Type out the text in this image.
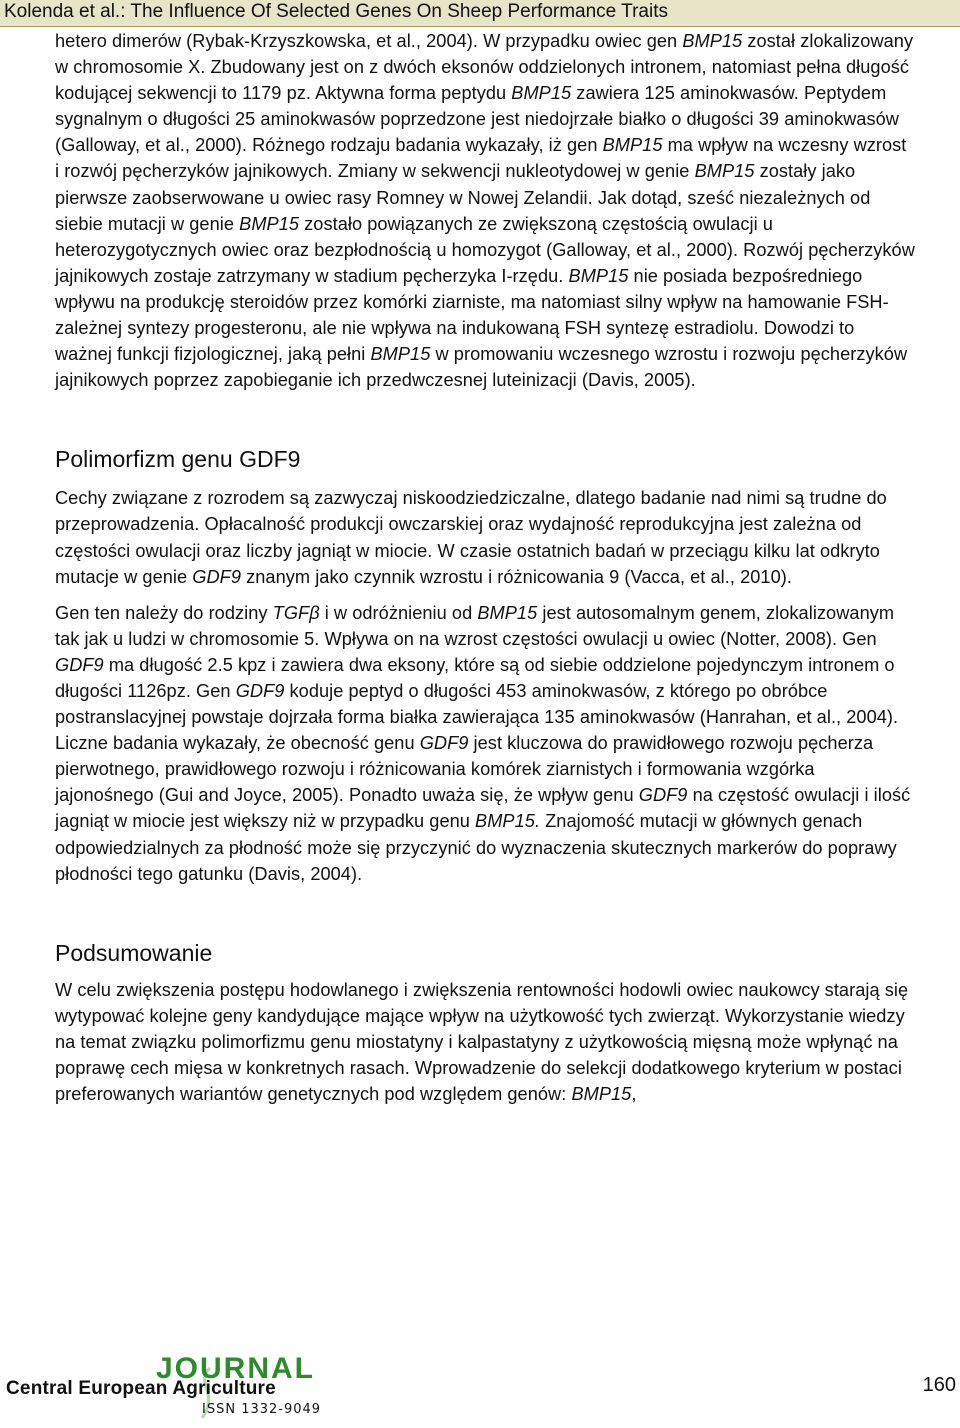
Kolenda et al.: The Influence Of Selected Genes On Sheep Performance Traits

hetero dimerów (Rybak-Krzyszkowska, et al., 2004). W przypadku owiec gen BMP15 został zlokalizowany w chromosomie X. Zbudowany jest on z dwóch eksonów oddzielonych intronem, natomiast pełna długość kodującej sekwencji to 1179 pz. Aktywna forma peptydu BMP15 zawiera 125 aminokwasów. Peptydem sygnalnym o długości 25 aminokwasów poprzedzone jest niedojrzałe białko o długości 39 aminokwasów (Galloway, et al., 2000). Różnego rodzaju badania wykazały, iż gen BMP15 ma wpływ na wczesny wzrost i rozwój pęcherzyków jajnikowych. Zmiany w sekwencji nukleotydowej w genie BMP15 zostały jako pierwsze zaobserwowane u owiec rasy Romney w Nowej Zelandii. Jak dotąd, sześć niezależnych od siebie mutacji w genie BMP15 zostało powiązanych ze zwiększoną częstością owulacji u heterozygotycznych owiec oraz bezpłodnością u homozygot (Galloway, et al., 2000). Rozwój pęcherzyków jajnikowych zostaje zatrzymany w stadium pęcherzyka I-rzędu. BMP15 nie posiada bezpośredniego wpływu na produkcję steroidów przez komórki ziarniste, ma natomiast silny wpływ na hamowanie FSH-zależnej syntezy progesteronu, ale nie wpływa na indukowaną FSH syntezę estradiolu. Dowodzi to ważnej funkcji fizjologicznej, jaką pełni BMP15 w promowaniu wczesnego wzrostu i rozwoju pęcherzyków jajnikowych poprzez zapobieganie ich przedwczesnej luteinizacji (Davis, 2005).

Polimorfizm genu GDF9

Cechy związane z rozrodem są zazwyczaj niskoodziedziczalne, dlatego badanie nad nimi są trudne do przeprowadzenia. Opłacalność produkcji owczarskiej oraz wydajność reprodukcyjna jest zależna od częstości owulacji oraz liczby jagniąt w miocie. W czasie ostatnich badań w przeciągu kilku lat odkryto mutacje w genie GDF9 znanym jako czynnik wzrostu i różnicowania 9 (Vacca, et al., 2010).

Gen ten należy do rodziny TGFβ i w odróżnieniu od BMP15 jest autosomalnym genem, zlokalizowanym tak jak u ludzi w chromosomie 5. Wpływa on na wzrost częstości owulacji u owiec (Notter, 2008). Gen GDF9 ma długość 2.5 kpz i zawiera dwa eksony, które są od siebie oddzielone pojedynczym intronem o długości 1126pz. Gen GDF9 koduje peptyd o długości 453 aminokwasów, z którego po obróbce postranslacyjnej powstaje dojrzała forma białka zawierająca 135 aminokwasów (Hanrahan, et al., 2004). Liczne badania wykazały, że obecność genu GDF9 jest kluczowa do prawidłowego rozwoju pęcherza pierwotnego, prawidłowego rozwoju i różnicowania komórek ziarnistych i formowania wzgórka jajonośnego (Gui and Joyce, 2005). Ponadto uważa się, że wpływ genu GDF9 na częstość owulacji i ilość jagniąt w miocie jest większy niż w przypadku genu BMP15. Znajomość mutacji w głównych genach odpowiedzialnych za płodność może się przyczynić do wyznaczenia skutecznych markerów do poprawy płodności tego gatunku (Davis, 2004).

Podsumowanie

W celu zwiększenia postępu hodowlanego i zwiększenia rentowności hodowli owiec naukowcy starają się wytypować kolejne geny kandydujące mające wpływ na użytkowość tych zwierząt. Wykorzystanie wiedzy na temat związku polimorfizmu genu miostatyny i kalpastatyny z użytkowością mięsną może wpłynąć na poprawę cech mięsa w konkretnych rasach. Wprowadzenie do selekcji dodatkowego kryterium w postaci preferowanych wariantów genetycznych pod względem genów: BMP15,

JOURNAL
Central European Agriculture
ISSN 1332-9049
160
